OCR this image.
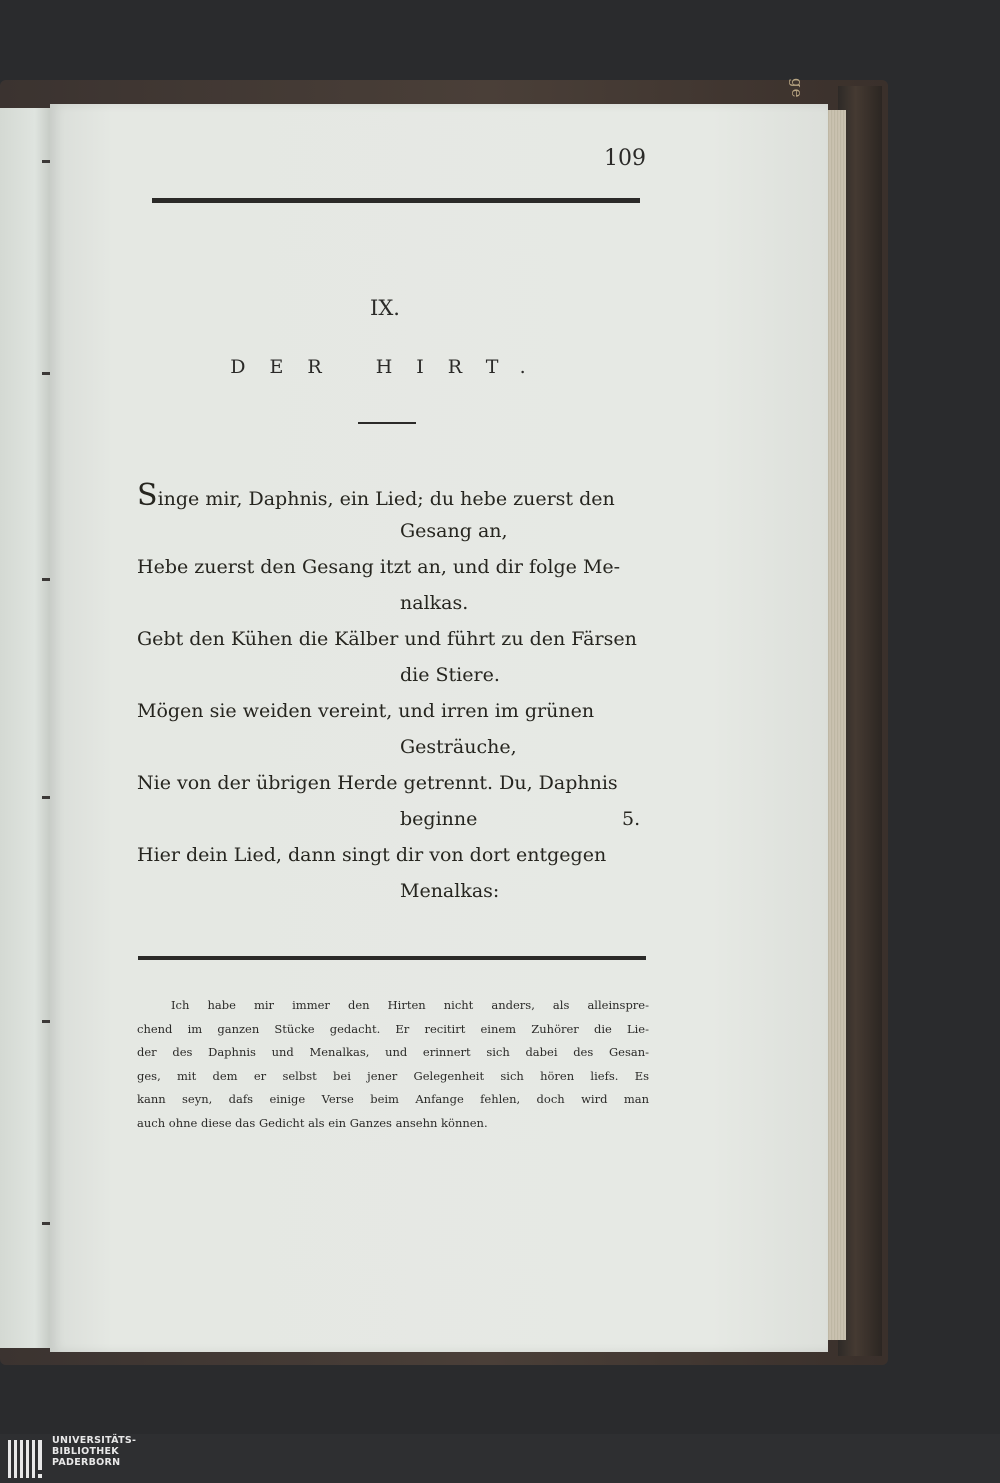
ge
109
IX.
DER HIRT.
Singe mir, Daphnis, ein Lied; du hebe zuerst den
Gesang an,
Hebe zuerst den Gesang itzt an, und dir folge Me-
nalkas.
Gebt den Kühen die Kälber und führt zu den Färsen
die Stiere.
Mögen sie weiden vereint, und irren im grünen
Gesträuche,
Nie von der übrigen Herde getrennt. Du, Daphnis
beginne	5.
Hier dein Lied, dann singt dir von dort entgegen
Menalkas:
Ich habe mir immer den Hirten nicht anders, als alleinspre-
chend im ganzen Stücke gedacht. Er recitirt einem Zuhörer die Lie-
der des Daphnis und Menalkas, und erinnert sich dabei des Gesan-
ges, mit dem er selbst bei jener Gelegenheit sich hören liefs. Es
kann seyn, dafs einige Verse beim Anfange fehlen, doch wird man
auch ohne diese das Gedicht als ein Ganzes ansehn können.
UNIVERSITÄTS-
BIBLIOTHEK
PADERBORN
